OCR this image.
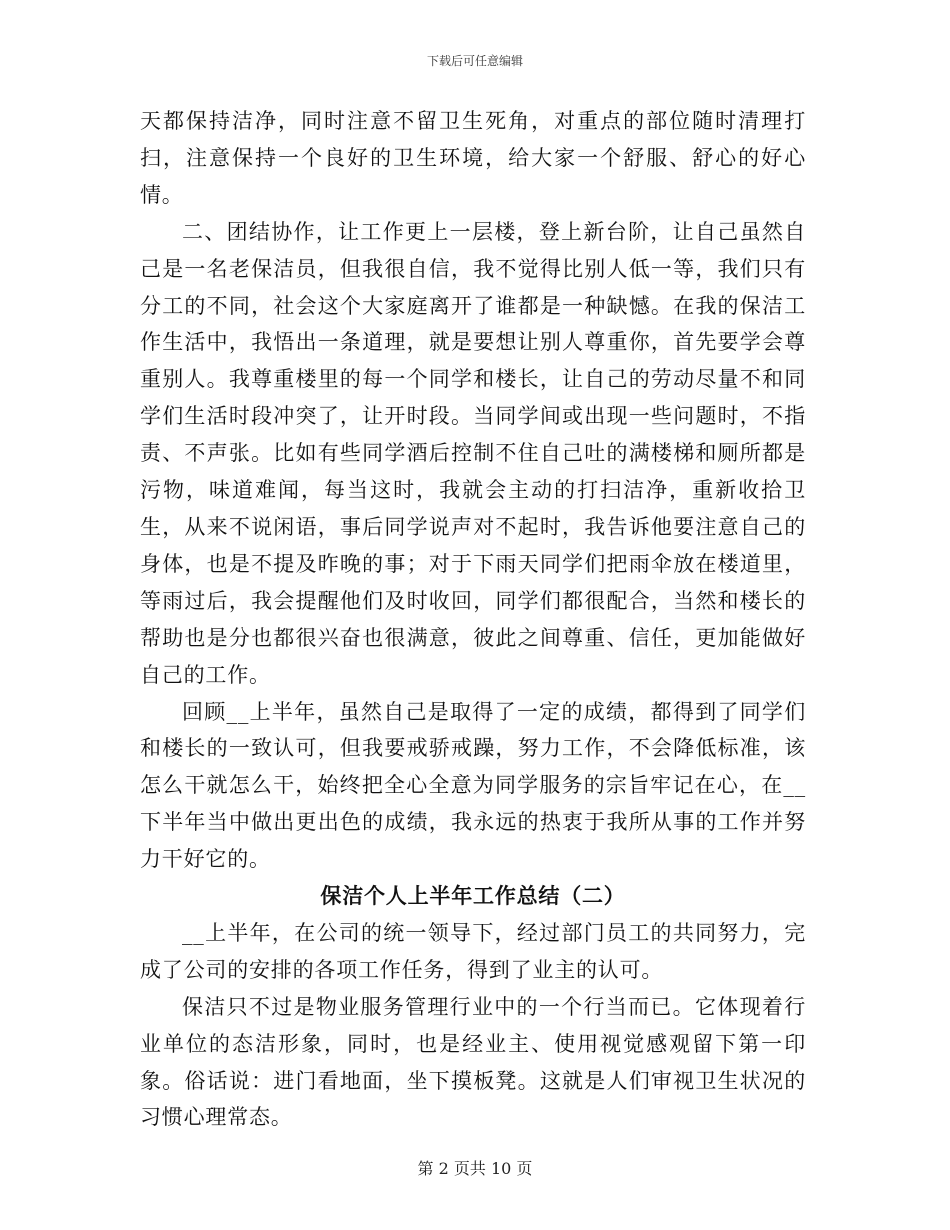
下载后可任意编辑

天都保持洁净，同时注意不留卫生死角，对重点的部位随时清理打扫，注意保持一个良好的卫生环境，给大家一个舒服、舒心的好心情。

二、团结协作，让工作更上一层楼，登上新台阶，让自己虽然自己是一名老保洁员，但我很自信，我不觉得比别人低一等，我们只有分工的不同，社会这个大家庭离开了谁都是一种缺憾。在我的保洁工作生活中，我悟出一条道理，就是要想让别人尊重你，首先要学会尊重别人。我尊重楼里的每一个同学和楼长，让自己的劳动尽量不和同学们生活时段冲突了，让开时段。当同学间或出现一些问题时，不指责、不声张。比如有些同学酒后控制不住自己吐的满楼梯和厕所都是污物，味道难闻，每当这时，我就会主动的打扫洁净，重新收拾卫生，从来不说闲语，事后同学说声对不起时，我告诉他要注意自己的身体，也是不提及昨晚的事；对于下雨天同学们把雨伞放在楼道里，等雨过后，我会提醒他们及时收回，同学们都很配合，当然和楼长的帮助也是分也都很兴奋也很满意，彼此之间尊重、信任，更加能做好自己的工作。

回顾__上半年，虽然自己是取得了一定的成绩，都得到了同学们和楼长的一致认可，但我要戒骄戒躁，努力工作，不会降低标准，该怎么干就怎么干，始终把全心全意为同学服务的宗旨牢记在心，在__下半年当中做出更出色的成绩，我永远的热衷于我所从事的工作并努力干好它的。

保洁个人上半年工作总结（二）

__上半年，在公司的统一领导下，经过部门员工的共同努力，完成了公司的安排的各项工作任务，得到了业主的认可。

保洁只不过是物业服务管理行业中的一个行当而已。它体现着行业单位的态洁形象，同时，也是经业主、使用视觉感观留下第一印象。俗话说：进门看地面，坐下摸板凳。这就是人们审视卫生状况的习惯心理常态。

第 2 页共 10 页
